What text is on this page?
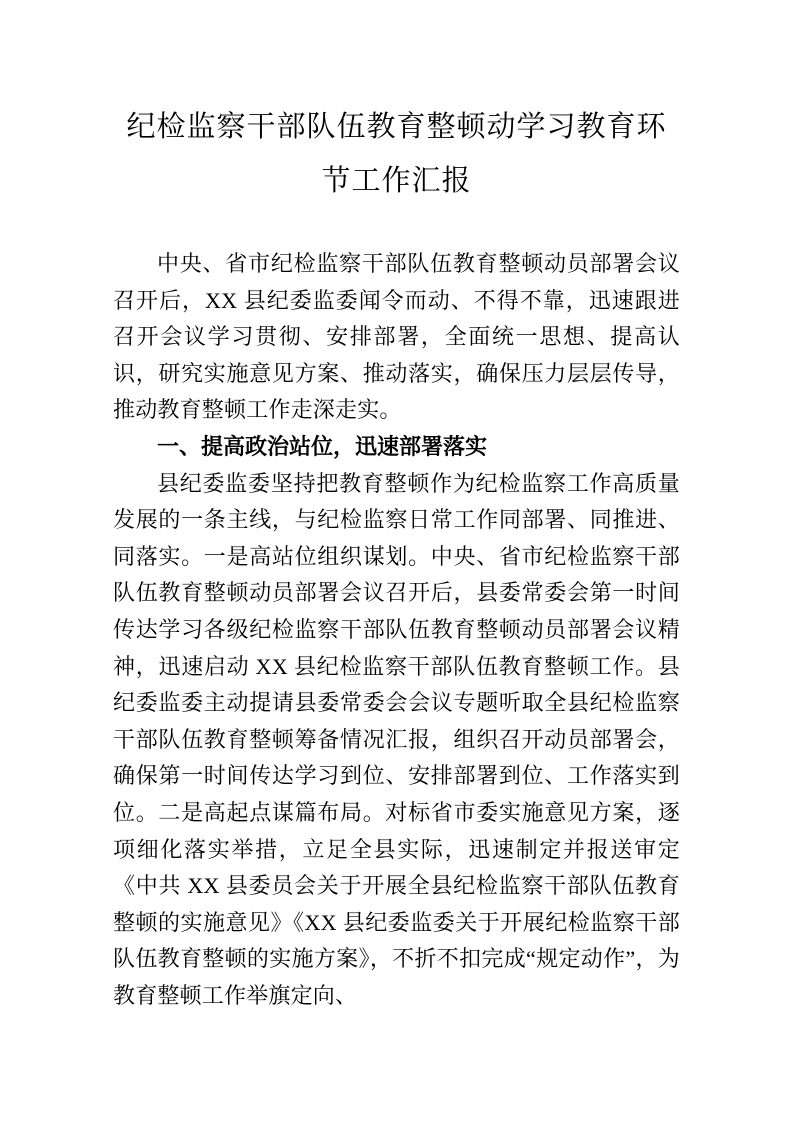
纪检监察干部队伍教育整顿动学习教育环节工作汇报

中央、省市纪检监察干部队伍教育整顿动员部署会议召开后，XX 县纪委监委闻令而动、不得不靠，迅速跟进召开会议学习贯彻、安排部署，全面统一思想、提高认识，研究实施意见方案、推动落实，确保压力层层传导，推动教育整顿工作走深走实。

一、提高政治站位，迅速部署落实

县纪委监委坚持把教育整顿作为纪检监察工作高质量发展的一条主线，与纪检监察日常工作同部署、同推进、同落实。一是高站位组织谋划。中央、省市纪检监察干部队伍教育整顿动员部署会议召开后，县委常委会第一时间传达学习各级纪检监察干部队伍教育整顿动员部署会议精神，迅速启动 XX 县纪检监察干部队伍教育整顿工作。县纪委监委主动提请县委常委会会议专题听取全县纪检监察干部队伍教育整顿筹备情况汇报，组织召开动员部署会，确保第一时间传达学习到位、安排部署到位、工作落实到位。二是高起点谋篇布局。对标省市委实施意见方案，逐项细化落实举措，立足全县实际，迅速制定并报送审定《中共 XX 县委员会关于开展全县纪检监察干部队伍教育整顿的实施意见》《XX 县纪委监委关于开展纪检监察干部队伍教育整顿的实施方案》，不折不扣完成“规定动作”，为教育整顿工作举旗定向、
